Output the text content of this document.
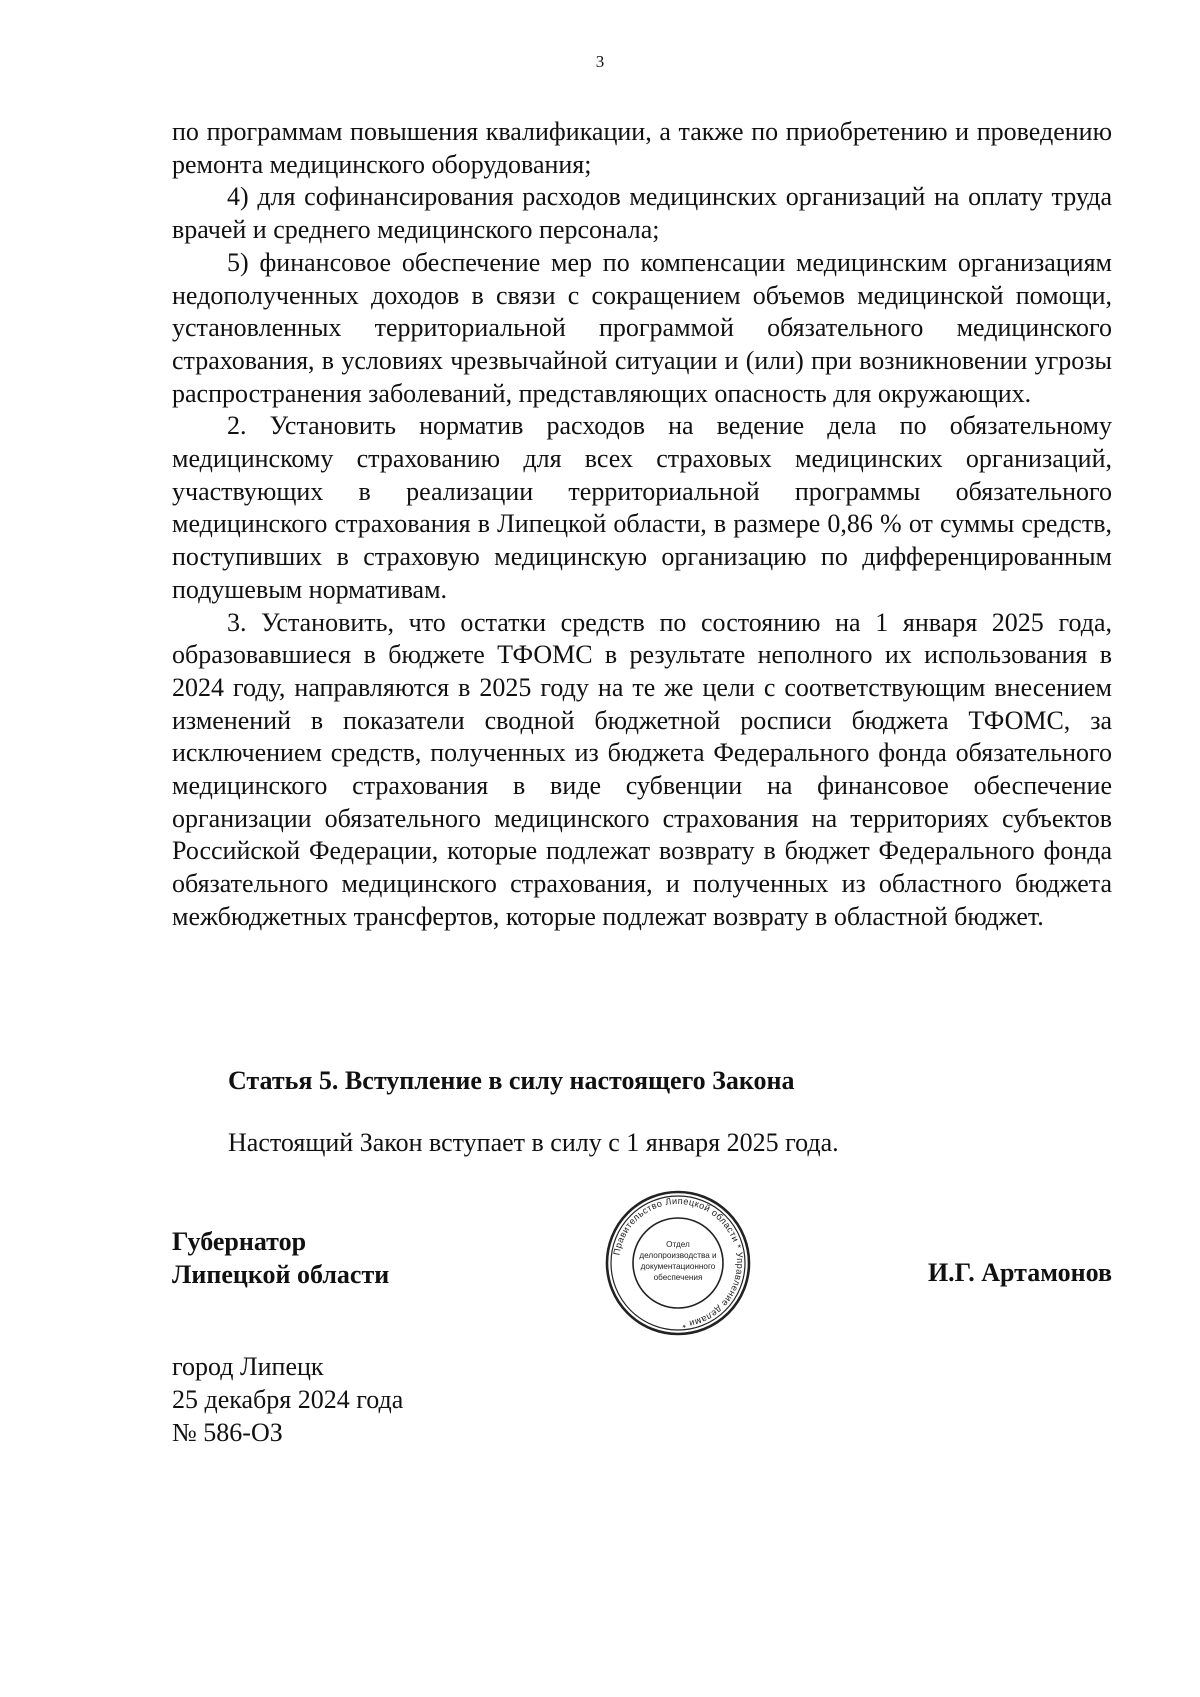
3

по программам повышения квалификации, а также по приобретению и проведению ремонта медицинского оборудования;

4) для софинансирования расходов медицинских организаций на оплату труда врачей и среднего медицинского персонала;

5) финансовое обеспечение мер по компенсации медицинским организациям недополученных доходов в связи с сокращением объемов медицинской помощи, установленных территориальной программой обязательного медицинского страхования, в условиях чрезвычайной ситуации и (или) при возникновении угрозы распространения заболеваний, представляющих опасность для окружающих.

2. Установить норматив расходов на ведение дела по обязательному медицинскому страхованию для всех страховых медицинских организаций, участвующих в реализации территориальной программы обязательного медицинского страхования в Липецкой области, в размере 0,86 % от суммы средств, поступивших в страховую медицинскую организацию по дифференцированным подушевым нормативам.

3. Установить, что остатки средств по состоянию на 1 января 2025 года, образовавшиеся в бюджете ТФОМС в результате неполного их использования в 2024 году, направляются в 2025 году на те же цели с соответствующим внесением изменений в показатели сводной бюджетной росписи бюджета ТФОМС, за исключением средств, полученных из бюджета Федерального фонда обязательного медицинского страхования в виде субвенции на финансовое обеспечение организации обязательного медицинского страхования на территориях субъектов Российской Федерации, которые подлежат возврату в бюджет Федерального фонда обязательного медицинского страхования, и полученных из областного бюджета межбюджетных трансфертов, которые подлежат возврату в областной бюджет.

Статья 5. Вступление в силу настоящего Закона
Настоящий Закон вступает в силу с 1 января 2025 года.
Губернатор
Липецкой области
Правительство Липецкой области * Управление делами *
Отдел
делопроизводства и
документационного
обеспечения	И.Г. Артамонов
город Липецк
25 декабря 2024 года
№ 586-ОЗ
